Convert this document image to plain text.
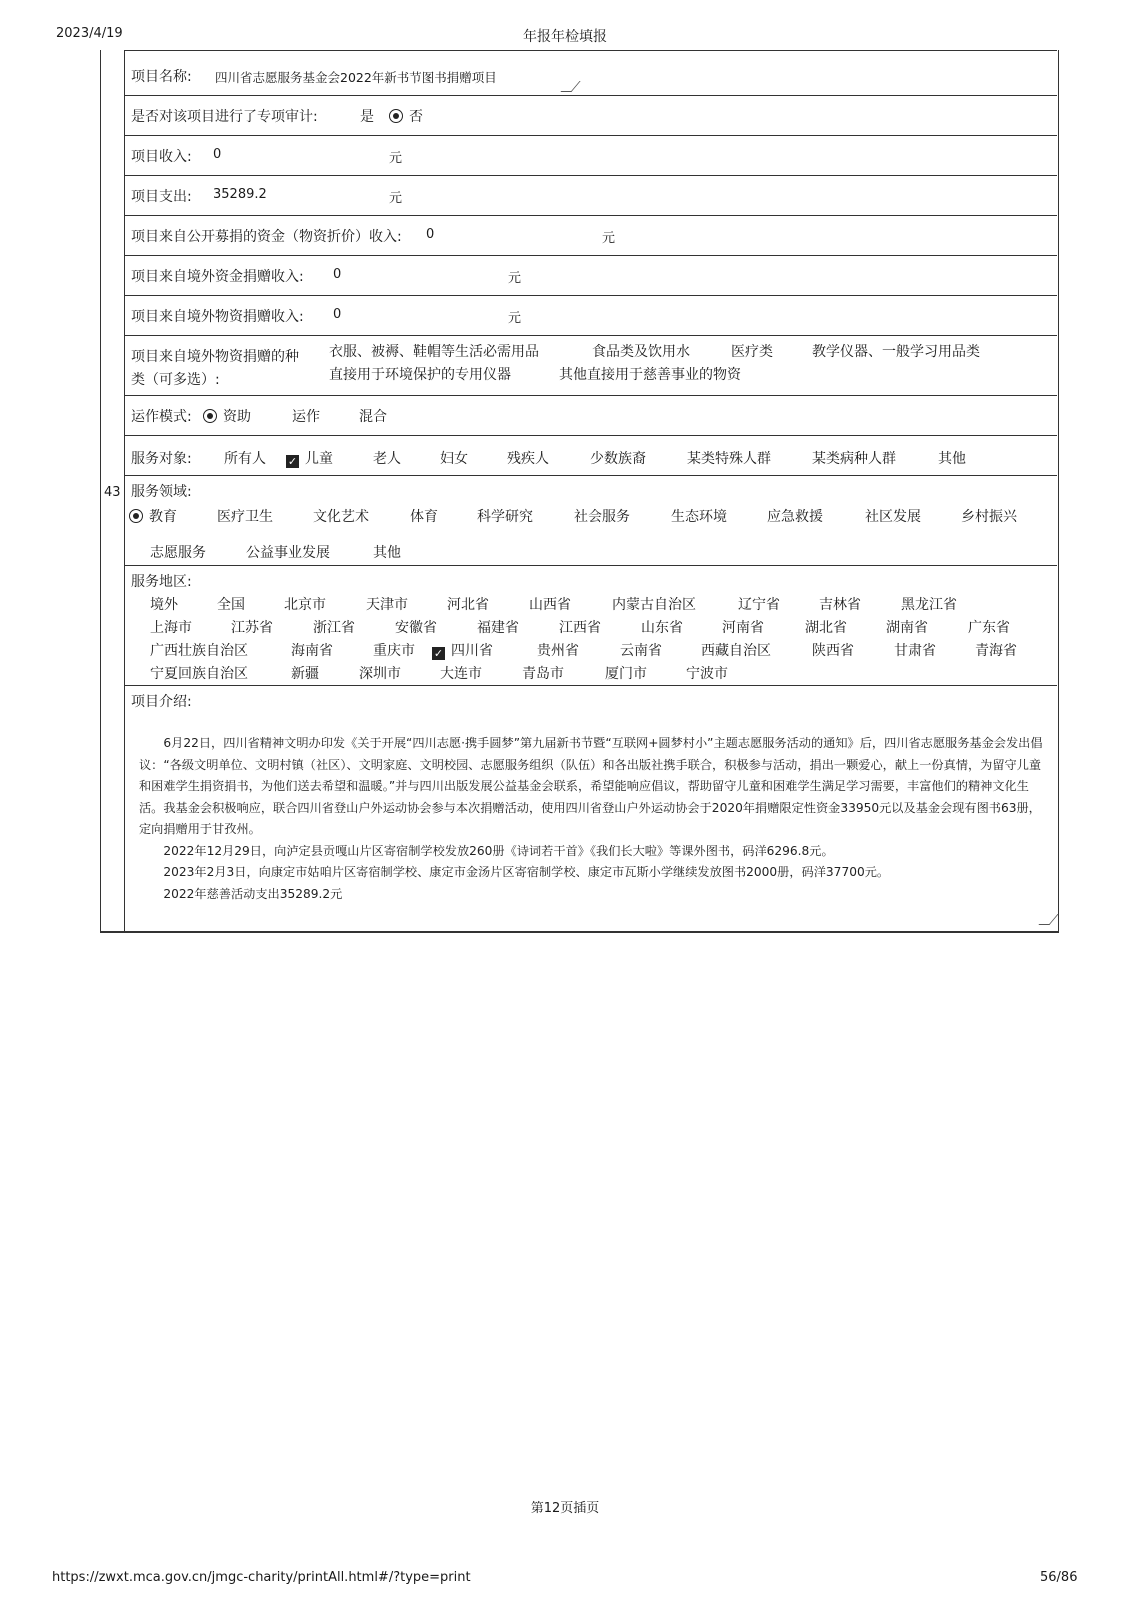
2023/4/19	年报年检填报
43
项目名称: 四川省志愿服务基金会2022年新书节图书捐赠项目
是否对该项目进行了专项审计:	是	否
项目收入: 0	元
项目支出: 35289.2	元
项目来自公开募捐的资金（物资折价）收入: 0	元
项目来自境外资金捐赠收入: 0	元
项目来自境外物资捐赠收入: 0	元
项目来自境外物资捐赠的种
类（可多选）:
衣服、被褥、鞋帽等生活必需用品	食品类及饮用水	医疗类	教学仪器、一般学习用品类
直接用于环境保护的专用仪器	其他直接用于慈善事业的物资
运作模式:	资助	运作	混合
服务对象: 所有人 ✓ 儿童	老人	妇女	残疾人	少数族裔	某类特殊人群	某类病种人群	其他
服务领域:
教育	医疗卫生	文化艺术	体育	科学研究	社会服务	生态环境	应急救援	社区发展	乡村振兴
志愿服务	公益事业发展	其他
服务地区:
境外	全国	北京市	天津市	河北省	山西省	内蒙古自治区	辽宁省	吉林省	黑龙江省
上海市	江苏省	浙江省	安徽省	福建省	江西省	山东省	河南省	湖北省	湖南省	广东省
广西壮族自治区	海南省	重庆市 ✓ 四川省	贵州省	云南省	西藏自治区	陕西省	甘肃省	青海省
宁夏回族自治区	新疆	深圳市	大连市	青岛市	厦门市	宁波市
项目介绍:

6月22日，四川省精神文明办印发《关于开展“四川志愿·携手圆梦”第九届新书节暨“互联网+圆梦村小”主题志愿服务活动的通知》后，四川省志愿服务基金会发出倡议：“各级文明单位、文明村镇（社区）、文明家庭、文明校园、志愿服务组织（队伍）和各出版社携手联合，积极参与活动，捐出一颗爱心，献上一份真情，为留守儿童和困难学生捐资捐书，为他们送去希望和温暖。”并与四川出版发展公益基金会联系，希望能响应倡议，帮助留守儿童和困难学生满足学习需要，丰富他们的精神文化生活。我基金会积极响应，联合四川省登山户外运动协会参与本次捐赠活动，使用四川省登山户外运动协会于2020年捐赠限定性资金33950元以及基金会现有图书63册，定向捐赠用于甘孜州。

2022年12月29日，向泸定县贡嘎山片区寄宿制学校发放260册《诗词若干首》《我们长大啦》等课外图书，码洋6296.8元。

2023年2月3日，向康定市姑咱片区寄宿制学校、康定市金汤片区寄宿制学校、康定市瓦斯小学继续发放图书2000册，码洋37700元。

2022年慈善活动支出35289.2元

第12页插页
https://zwxt.mca.gov.cn/jmgc-charity/printAll.html#/?type=print	56/86
